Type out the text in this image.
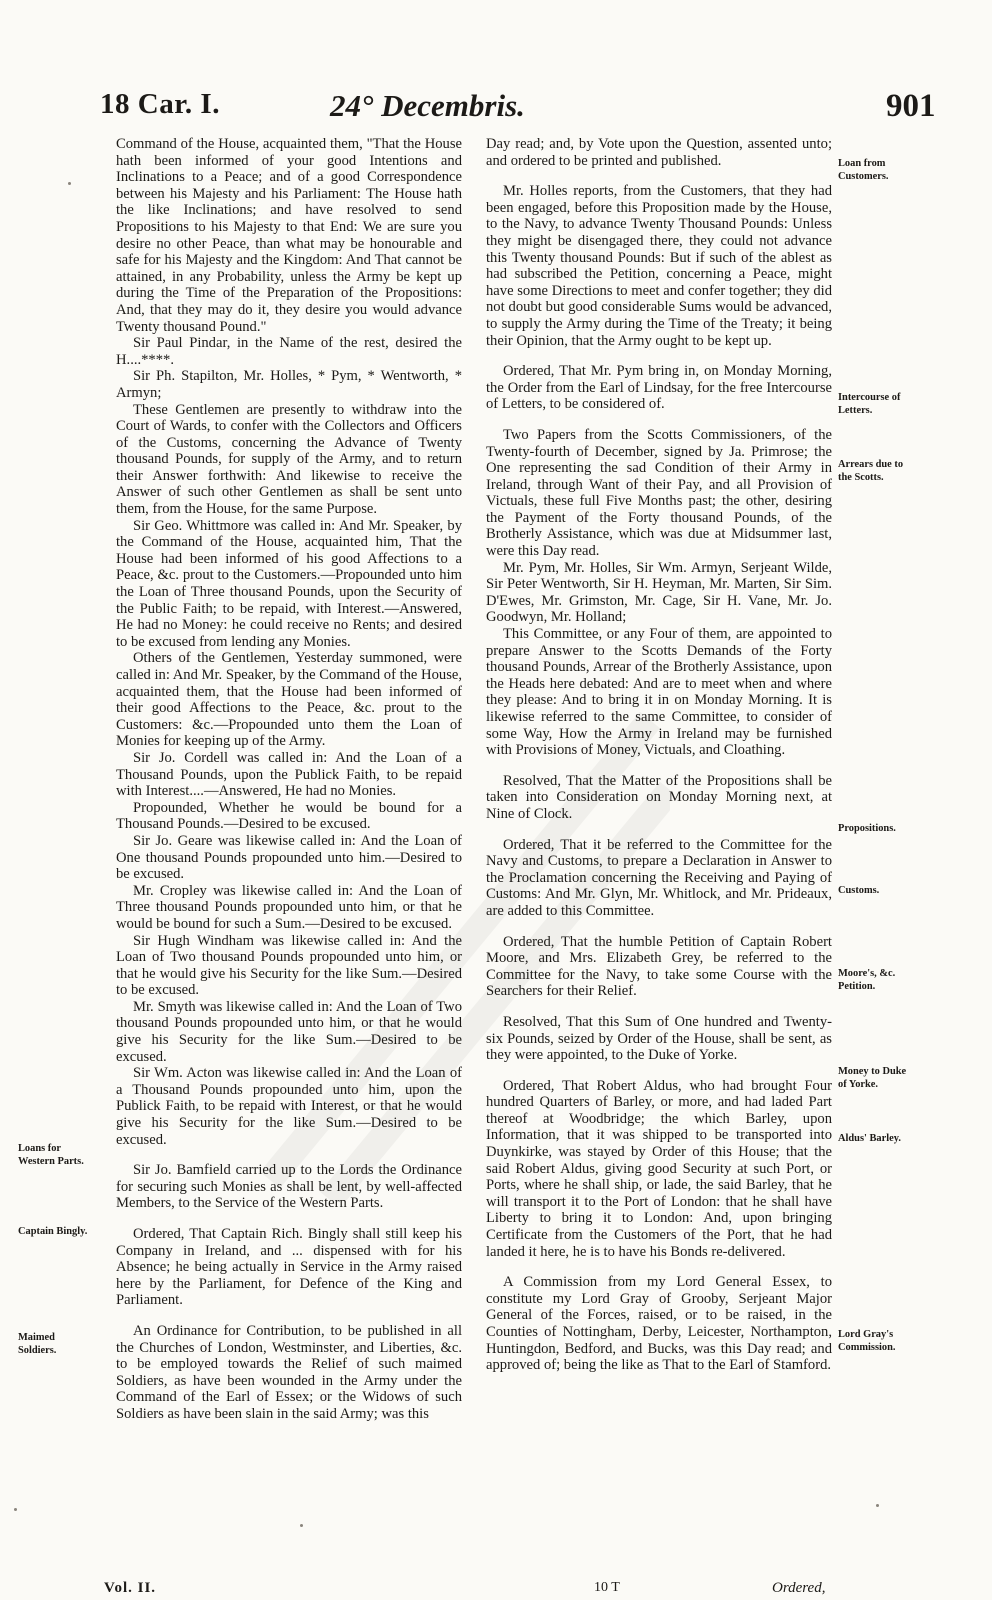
18 Car. I.	24° Decembris.	901

Command of the House, acquainted them, "That the House hath been informed of your good Intentions and Inclinations to a Peace; and of a good Correspondence between his Majesty and his Parliament: The House hath the like Inclinations; and have resolved to send Propositions to his Majesty to that End: We are sure you desire no other Peace, than what may be honourable and safe for his Majesty and the Kingdom: And That cannot be attained, in any Probability, unless the Army be kept up during the Time of the Preparation of the Propositions: And, that they may do it, they desire you would advance Twenty thousand Pound."

Sir Paul Pindar, in the Name of the rest, desired the H....****.

Sir Ph. Stapilton, Mr. Holles, * Pym, * Wentworth, * Armyn;

These Gentlemen are presently to withdraw into the Court of Wards, to confer with the Collectors and Officers of the Customs, concerning the Advance of Twenty thousand Pounds, for supply of the Army, and to return their Answer forthwith: And likewise to receive the Answer of such other Gentlemen as shall be sent unto them, from the House, for the same Purpose.

Sir Geo. Whittmore was called in: And Mr. Speaker, by the Command of the House, acquainted him, That the House had been informed of his good Affections to a Peace, &c. prout to the Customers.—Propounded unto him the Loan of Three thousand Pounds, upon the Security of the Public Faith; to be repaid, with Interest.—Answered, He had no Money: he could receive no Rents; and desired to be excused from lending any Monies.

Others of the Gentlemen, Yesterday summoned, were called in: And Mr. Speaker, by the Command of the House, acquainted them, that the House had been informed of their good Affections to the Peace, &c. prout to the Customers: &c.—Propounded unto them the Loan of Monies for keeping up of the Army.

Sir Jo. Cordell was called in: And the Loan of a Thousand Pounds, upon the Publick Faith, to be repaid with Interest....—Answered, He had no Monies.

Propounded, Whether he would be bound for a Thousand Pounds.—Desired to be excused.

Sir Jo. Geare was likewise called in: And the Loan of One thousand Pounds propounded unto him.—Desired to be excused.

Mr. Cropley was likewise called in: And the Loan of Three thousand Pounds propounded unto him, or that he would be bound for such a Sum.—Desired to be excused.

Sir Hugh Windham was likewise called in: And the Loan of Two thousand Pounds propounded unto him, or that he would give his Security for the like Sum.—Desired to be excused.

Mr. Smyth was likewise called in: And the Loan of Two thousand Pounds propounded unto him, or that he would give his Security for the like Sum.—Desired to be excused.

Sir Wm. Acton was likewise called in: And the Loan of a Thousand Pounds propounded unto him, upon the Publick Faith, to be repaid with Interest, or that he would give his Security for the like Sum.—Desired to be excused.

Sir Jo. Bamfield carried up to the Lords the Ordinance for securing such Monies as shall be lent, by well-affected Members, to the Service of the Western Parts.

Ordered, That Captain Rich. Bingly shall still keep his Company in Ireland, and ... dispensed with for his Absence; he being actually in Service in the Army raised here by the Parliament, for Defence of the King and Parliament.

An Ordinance for Contribution, to be published in all the Churches of London, Westminster, and Liberties, &c. to be employed towards the Relief of such maimed Soldiers, as have been wounded in the Army under the Command of the Earl of Essex; or the Widows of such Soldiers as have been slain in the said Army; was this

Day read; and, by Vote upon the Question, assented unto; and ordered to be printed and published.

Mr. Holles reports, from the Customers, that they had been engaged, before this Proposition made by the House, to the Navy, to advance Twenty Thousand Pounds: Unless they might be disengaged there, they could not advance this Twenty thousand Pounds: But if such of the ablest as had subscribed the Petition, concerning a Peace, might have some Directions to meet and confer together; they did not doubt but good considerable Sums would be advanced, to supply the Army during the Time of the Treaty; it being their Opinion, that the Army ought to be kept up.

Ordered, That Mr. Pym bring in, on Monday Morning, the Order from the Earl of Lindsay, for the free Intercourse of Letters, to be considered of.

Two Papers from the Scotts Commissioners, of the Twenty-fourth of December, signed by Ja. Primrose; the One representing the sad Condition of their Army in Ireland, through Want of their Pay, and all Provision of Victuals, these full Five Months past; the other, desiring the Payment of the Forty thousand Pounds, of the Brotherly Assistance, which was due at Midsummer last, were this Day read.

Mr. Pym, Mr. Holles, Sir Wm. Armyn, Serjeant Wilde, Sir Peter Wentworth, Sir H. Heyman, Mr. Marten, Sir Sim. D'Ewes, Mr. Grimston, Mr. Cage, Sir H. Vane, Mr. Jo. Goodwyn, Mr. Holland;

This Committee, or any Four of them, are appointed to prepare Answer to the Scotts Demands of the Forty thousand Pounds, Arrear of the Brotherly Assistance, upon the Heads here debated: And are to meet when and where they please: And to bring it in on Monday Morning. It is likewise referred to the same Committee, to consider of some Way, How the Army in Ireland may be furnished with Provisions of Money, Victuals, and Cloathing.

Resolved, That the Matter of the Propositions shall be taken into Consideration on Monday Morning next, at Nine of Clock.

Ordered, That it be referred to the Committee for the Navy and Customs, to prepare a Declaration in Answer to the Proclamation concerning the Receiving and Paying of Customs: And Mr. Glyn, Mr. Whitlock, and Mr. Prideaux, are added to this Committee.

Ordered, That the humble Petition of Captain Robert Moore, and Mrs. Elizabeth Grey, be referred to the Committee for the Navy, to take some Course with the Searchers for their Relief.

Resolved, That this Sum of One hundred and Twenty-six Pounds, seized by Order of the House, shall be sent, as they were appointed, to the Duke of Yorke.

Ordered, That Robert Aldus, who had brought Four hundred Quarters of Barley, or more, and had laded Part thereof at Woodbridge; the which Barley, upon Information, that it was shipped to be transported into Duynkirke, was stayed by Order of this House; that the said Robert Aldus, giving good Security at such Port, or Ports, where he shall ship, or lade, the said Barley, that he will transport it to the Port of London: that he shall have Liberty to bring it to London: And, upon bringing Certificate from the Customers of the Port, that he had landed it here, he is to have his Bonds re-delivered.

A Commission from my Lord General Essex, to constitute my Lord Gray of Grooby, Serjeant Major General of the Forces, raised, or to be raised, in the Counties of Nottingham, Derby, Leicester, Northampton, Huntingdon, Bedford, and Bucks, was this Day read; and approved of; being the like as That to the Earl of Stamford.

Loans for Western Parts.
Captain Bingly.
Maimed Soldiers.
Loan from Customers.
Intercourse of Letters.
Arrears due to the Scotts.
Propositions.
Customs.
Moore's, &c. Petition.
Money to Duke of Yorke.
Aldus' Barley.
Lord Gray's Commission.
Vol. II.	10 T	Ordered,
